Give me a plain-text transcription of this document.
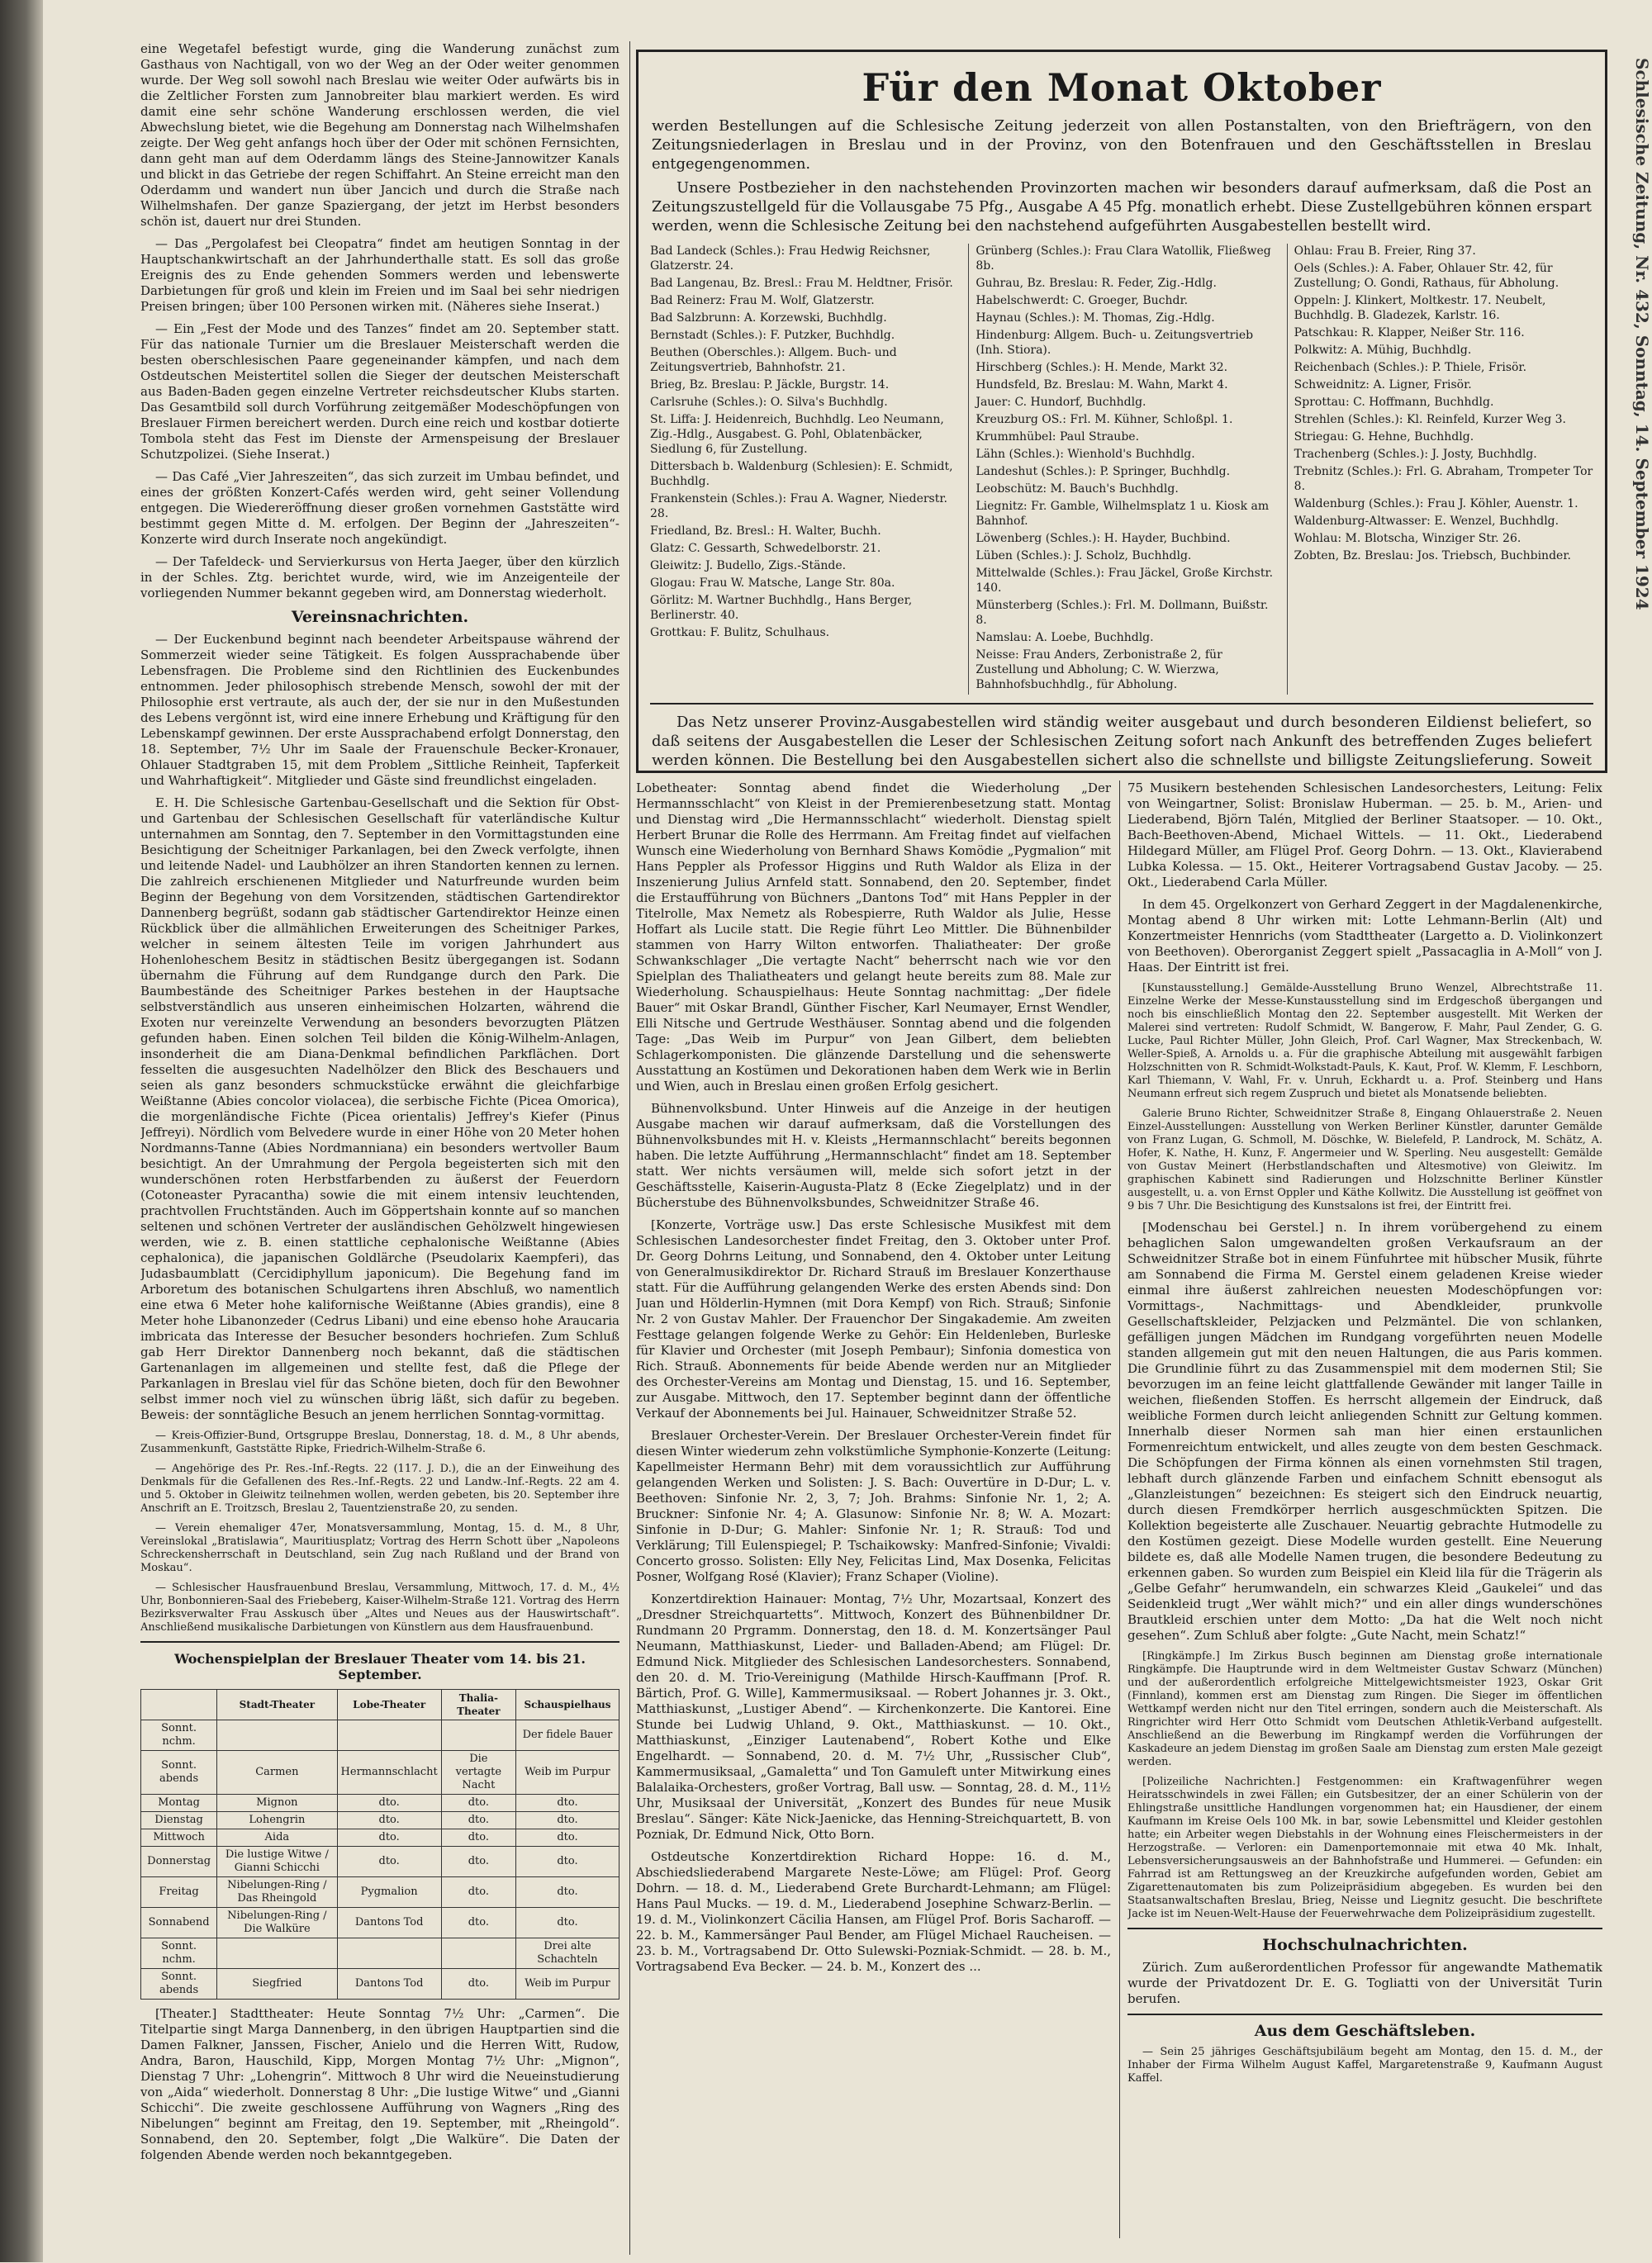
eine Wegetafel befestigt wurde, ging die Wanderung zunächst zum Gasthaus von Nachtigall, von wo der Weg an der Oder weiter genommen wurde. Der Weg soll sowohl nach Breslau wie weiter Oder aufwärts bis in die Zeltlicher Forsten zum Jannobreiter blau markiert werden. Es wird damit eine sehr schöne Wanderung erschlossen werden, die viel Abwechslung bietet, wie die Begehung am Donnerstag nach Wilhelmshafen zeigte. Der Weg geht anfangs hoch über der Oder mit schönen Fernsichten, dann geht man auf dem Oderdamm längs des Steine-Jannowitzer Kanals und blickt in das Getriebe der regen Schiffahrt. An Steine erreicht man den Oderdamm und wandert nun über Jancich und durch die Straße nach Wilhelmshafen. Der ganze Spaziergang, der jetzt im Herbst besonders schön ist, dauert nur drei Stunden.

— Das „Pergolafest bei Cleopatra“ findet am heutigen Sonntag in der Hauptschankwirtschaft an der Jahrhunderthalle statt. Es soll das große Ereignis des zu Ende gehenden Sommers werden und lebenswerte Darbietungen für groß und klein im Freien und im Saal bei sehr niedrigen Preisen bringen; über 100 Personen wirken mit. (Näheres siehe Inserat.)

— Ein „Fest der Mode und des Tanzes“ findet am 20. September statt. Für das nationale Turnier um die Breslauer Meisterschaft werden die besten oberschlesischen Paare gegeneinander kämpfen, und nach dem Ostdeutschen Meistertitel sollen die Sieger der deutschen Meisterschaft aus Baden-Baden gegen einzelne Vertreter reichsdeutscher Klubs starten. Das Gesamtbild soll durch Vorführung zeitgemäßer Modeschöpfungen von Breslauer Firmen bereichert werden. Durch eine reich und kostbar dotierte Tombola steht das Fest im Dienste der Armenspeisung der Breslauer Schutzpolizei. (Siehe Inserat.)

— Das Café „Vier Jahreszeiten“, das sich zurzeit im Umbau befindet, und eines der größten Konzert-Cafés werden wird, geht seiner Vollendung entgegen. Die Wiedereröffnung dieser großen vornehmen Gaststätte wird bestimmt gegen Mitte d. M. erfolgen. Der Beginn der „Jahreszeiten“-Konzerte wird durch Inserate noch angekündigt.

— Der Tafeldeck- und Servierkursus von Herta Jaeger, über den kürzlich in der Schles. Ztg. berichtet wurde, wird, wie im Anzeigenteile der vorliegenden Nummer bekannt gegeben wird, am Donnerstag wiederholt.

Vereinsnachrichten.

— Der Euckenbund beginnt nach beendeter Arbeitspause während der Sommerzeit wieder seine Tätigkeit. Es folgen Aussprachabende über Lebensfragen. Die Probleme sind den Richtlinien des Euckenbundes entnommen. Jeder philosophisch strebende Mensch, sowohl der mit der Philosophie erst vertraute, als auch der, der sie nur in den Mußestunden des Lebens vergönnt ist, wird eine innere Erhebung und Kräftigung für den Lebenskampf gewinnen. Der erste Aussprachabend erfolgt Donnerstag, den 18. September, 7½ Uhr im Saale der Frauenschule Becker-Kronauer, Ohlauer Stadtgraben 15, mit dem Problem „Sittliche Reinheit, Tapferkeit und Wahrhaftigkeit“. Mitglieder und Gäste sind freundlichst eingeladen.

E. H. Die Schlesische Gartenbau-Gesellschaft und die Sektion für Obst- und Gartenbau der Schlesischen Gesellschaft für vaterländische Kultur unternahmen am Sonntag, den 7. September in den Vormittagstunden eine Besichtigung der Scheitniger Parkanlagen, bei den Zweck verfolgte, ihnen und leitende Nadel- und Laubhölzer an ihren Standorten kennen zu lernen. Die zahlreich erschienenen Mitglieder und Naturfreunde wurden beim Beginn der Begehung von dem Vorsitzenden, städtischen Gartendirektor Dannenberg begrüßt, sodann gab städtischer Gartendirektor Heinze einen Rückblick über die allmählichen Erweiterungen des Scheitniger Parkes, welcher in seinem ältesten Teile im vorigen Jahrhundert aus Hohenloheschem Besitz in städtischen Besitz übergegangen ist. Sodann übernahm die Führung auf dem Rundgange durch den Park. Die Baumbestände des Scheitniger Parkes bestehen in der Hauptsache selbstverständlich aus unseren einheimischen Holzarten, während die Exoten nur vereinzelte Verwendung an besonders bevorzugten Plätzen gefunden haben. Einen solchen Teil bilden die König-Wilhelm-Anlagen, insonderheit die am Diana-Denkmal befindlichen Parkflächen. Dort fesselten die ausgesuchten Nadelhölzer den Blick des Beschauers und seien als ganz besonders schmuckstücke erwähnt die gleichfarbige Weißtanne (Abies concolor violacea), die serbische Fichte (Picea Omorica), die morgenländische Fichte (Picea orientalis) Jeffrey's Kiefer (Pinus Jeffreyi). Nördlich vom Belvedere wurde in einer Höhe von 20 Meter hohen Nordmanns-Tanne (Abies Nordmanniana) ein besonders wertvoller Baum besichtigt. An der Umrahmung der Pergola begeisterten sich mit den wunderschönen roten Herbstfarbenden zu äußerst der Feuerdorn (Cotoneaster Pyracantha) sowie die mit einem intensiv leuchtenden, prachtvollen Fruchtständen. Auch im Göppertshain konnte auf so manchen seltenen und schönen Vertreter der ausländischen Gehölzwelt hingewiesen werden, wie z. B. einen stattliche cephalonische Weißtanne (Abies cephalonica), die japanischen Goldlärche (Pseudolarix Kaempferi), das Judasbaumblatt (Cercidiphyllum japonicum). Die Begehung fand im Arboretum des botanischen Schulgartens ihren Abschluß, wo namentlich eine etwa 6 Meter hohe kalifornische Weißtanne (Abies grandis), eine 8 Meter hohe Libanonzeder (Cedrus Libani) und eine ebenso hohe Araucaria imbricata das Interesse der Besucher besonders hochriefen. Zum Schluß gab Herr Direktor Dannenberg noch bekannt, daß die städtischen Gartenanlagen im allgemeinen und stellte fest, daß die Pflege der Parkanlagen in Breslau viel für das Schöne bieten, doch für den Bewohner selbst immer noch viel zu wünschen übrig läßt, sich dafür zu begeben. Beweis: der sonntägliche Besuch an jenem herrlichen Sonntag-vormittag.

— Kreis-Offizier-Bund, Ortsgruppe Breslau, Donnerstag, 18. d. M., 8 Uhr abends, Zusammenkunft, Gaststätte Ripke, Friedrich-Wilhelm-Straße 6.

— Angehörige des Pr. Res.-Inf.-Regts. 22 (117. J. D.), die an der Einweihung des Denkmals für die Gefallenen des Res.-Inf.-Regts. 22 und Landw.-Inf.-Regts. 22 am 4. und 5. Oktober in Gleiwitz teilnehmen wollen, werden gebeten, bis 20. September ihre Anschrift an E. Troitzsch, Breslau 2, Tauentzienstraße 20, zu senden.

— Verein ehemaliger 47er, Monatsversammlung, Montag, 15. d. M., 8 Uhr, Vereinslokal „Bratislawia“, Mauritiusplatz; Vortrag des Herrn Schott über „Napoleons Schreckensherrschaft in Deutschland, sein Zug nach Rußland und der Brand von Moskau“.

— Schlesischer Hausfrauenbund Breslau, Versammlung, Mittwoch, 17. d. M., 4½ Uhr, Bonbonnieren-Saal des Friebeberg, Kaiser-Wilhelm-Straße 121. Vortrag des Herrn Bezirksverwalter Frau Asskusch über „Altes und Neues aus der Hauswirtschaft“. Anschließend musikalische Darbietungen von Künstlern aus dem Hausfrauenbund.

Wochenspielplan der Breslauer Theater vom 14. bis 21. September.
	Stadt-Theater	Lobe-Theater	Thalia-Theater	Schauspielhaus
Sonnt. nchm.				Der fidele Bauer
Sonnt. abends	Carmen	Hermannschlacht	Die vertagte Nacht	Weib im Purpur
Montag	Mignon	dto.	dto.	dto.
Dienstag	Lohengrin	dto.	dto.	dto.
Mittwoch	Aida	dto.	dto.	dto.
Donnerstag	Die lustige Witwe / Gianni Schicchi	dto.	dto.	dto.
Freitag	Nibelungen-Ring / Das Rheingold	Pygmalion	dto.	dto.
Sonnabend	Nibelungen-Ring / Die Walküre	Dantons Tod	dto.	dto.
Sonnt. nchm.				Drei alte Schachteln
Sonnt. abends	Siegfried	Dantons Tod	dto.	Weib im Purpur

[Theater.] Stadttheater: Heute Sonntag 7½ Uhr: „Carmen“. Die Titelpartie singt Marga Dannenberg, in den übrigen Hauptpartien sind die Damen Falkner, Janssen, Fischer, Anielo und die Herren Witt, Rudow, Andra, Baron, Hauschild, Kipp, Morgen Montag 7½ Uhr: „Mignon“, Dienstag 7 Uhr: „Lohengrin“. Mittwoch 8 Uhr wird die Neueinstudierung von „Aida“ wiederholt. Donnerstag 8 Uhr: „Die lustige Witwe“ und „Gianni Schicchi“. Die zweite geschlossene Aufführung von Wagners „Ring des Nibelungen“ beginnt am Freitag, den 19. September, mit „Rheingold“. Sonnabend, den 20. September, folgt „Die Walküre“. Die Daten der folgenden Abende werden noch bekanntgegeben.

Für den Monat Oktober

werden Bestellungen auf die Schlesische Zeitung jederzeit von allen Postanstalten, von den Briefträgern, von den Zeitungsniederlagen in Breslau und in der Provinz, von den Botenfrauen und den Geschäftsstellen in Breslau entgegengenommen.

Unsere Postbezieher in den nachstehenden Provinzorten machen wir besonders darauf aufmerksam, daß die Post an Zeitungszustellgeld für die Vollausgabe 75 Pfg., Ausgabe A 45 Pfg. monatlich erhebt. Diese Zustellgebühren können erspart werden, wenn die Schlesische Zeitung bei den nachstehend aufgeführten Ausgabestellen bestellt wird.

Bad Landeck (Schles.): Frau Hedwig Reichsner, Glatzerstr. 24.
Bad Langenau, Bz. Bresl.: Frau M. Heldtner, Frisör.
Bad Reinerz: Frau M. Wolf, Glatzerstr.
Bad Salzbrunn: A. Korzewski, Buchhdlg.
Bernstadt (Schles.): F. Putzker, Buchhdlg.
Beuthen (Oberschles.): Allgem. Buch- und Zeitungsvertrieb, Bahnhofstr. 21.
Brieg, Bz. Breslau: P. Jäckle, Burgstr. 14.
Carlsruhe (Schles.): O. Silva's Buchhdlg.
St. Liffa: J. Heidenreich, Buchhdlg. Leo Neumann, Zig.-Hdlg., Ausgabest. G. Pohl, Oblatenbäcker, Siedlung 6, für Zustellung.
Dittersbach b. Waldenburg (Schlesien): E. Schmidt, Buchhdlg.
Frankenstein (Schles.): Frau A. Wagner, Niederstr. 28.
Friedland, Bz. Bresl.: H. Walter, Buchh.
Glatz: C. Gessarth, Schwedelborstr. 21.
Gleiwitz: J. Budello, Zigs.-Stände.
Glogau: Frau W. Matsche, Lange Str. 80a.
Görlitz: M. Wartner Buchhdlg., Hans Berger, Berlinerstr. 40.
Grottkau: F. Bulitz, Schulhaus.
Grünberg (Schles.): Frau Clara Watollik, Fließweg 8b.
Guhrau, Bz. Breslau: R. Feder, Zig.-Hdlg.
Habelschwerdt: C. Groeger, Buchdr.
Haynau (Schles.): M. Thomas, Zig.-Hdlg.
Hindenburg: Allgem. Buch- u. Zeitungsvertrieb (Inh. Stiora).
Hirschberg (Schles.): H. Mende, Markt 32.
Hundsfeld, Bz. Breslau: M. Wahn, Markt 4.
Jauer: C. Hundorf, Buchhdlg.
Kreuzburg OS.: Frl. M. Kühner, Schloßpl. 1.
Krummhübel: Paul Straube.
Lähn (Schles.): Wienhold's Buchhdlg.
Landeshut (Schles.): P. Springer, Buchhdlg.
Leobschütz: M. Bauch's Buchhdlg.
Liegnitz: Fr. Gamble, Wilhelmsplatz 1 u. Kiosk am Bahnhof.
Löwenberg (Schles.): H. Hayder, Buchbind.
Lüben (Schles.): J. Scholz, Buchhdlg.
Mittelwalde (Schles.): Frau Jäckel, Große Kirchstr. 140.
Münsterberg (Schles.): Frl. M. Dollmann, Buißstr. 8.
Namslau: A. Loebe, Buchhdlg.
Neisse: Frau Anders, Zerbonistraße 2, für Zustellung und Abholung; C. W. Wierzwa, Bahnhofsbuchhdlg., für Abholung.
Ohlau: Frau B. Freier, Ring 37.
Oels (Schles.): A. Faber, Ohlauer Str. 42, für Zustellung; O. Gondi, Rathaus, für Abholung.
Oppeln: J. Klinkert, Moltkestr. 17. Neubelt, Buchhdlg. B. Gladezek, Karlstr. 16.
Patschkau: R. Klapper, Neißer Str. 116.
Polkwitz: A. Mühig, Buchhdlg.
Reichenbach (Schles.): P. Thiele, Frisör.
Schweidnitz: A. Ligner, Frisör.
Sprottau: C. Hoffmann, Buchhdlg.
Strehlen (Schles.): Kl. Reinfeld, Kurzer Weg 3.
Striegau: G. Hehne, Buchhdlg.
Trachenberg (Schles.): J. Josty, Buchhdlg.
Trebnitz (Schles.): Frl. G. Abraham, Trompeter Tor 8.
Waldenburg (Schles.): Frau J. Köhler, Auenstr. 1.
Waldenburg-Altwasser: E. Wenzel, Buchhdlg.
Wohlau: M. Blotscha, Winziger Str. 26.
Zobten, Bz. Breslau: Jos. Triebsch, Buchbinder.

Das Netz unserer Provinz-Ausgabestellen wird ständig weiter ausgebaut und durch besonderen Eildienst beliefert, so daß seitens der Ausgabestellen die Leser der Schlesischen Zeitung sofort nach Ankunft des betreffenden Zuges beliefert werden können. Die Bestellung bei den Ausgabestellen sichert also die schnellste und billigste Zeitungslieferung. Soweit

Lobetheater: Sonntag abend findet die Wiederholung „Der Hermannsschlacht“ von Kleist in der Premierenbesetzung statt. Montag und Dienstag wird „Die Hermannsschlacht“ wiederholt. Dienstag spielt Herbert Brunar die Rolle des Herrmann. Am Freitag findet auf vielfachen Wunsch eine Wiederholung von Bernhard Shaws Komödie „Pygmalion“ mit Hans Peppler als Professor Higgins und Ruth Waldor als Eliza in der Inszenierung Julius Arnfeld statt. Sonnabend, den 20. September, findet die Erstaufführung von Büchners „Dantons Tod“ mit Hans Peppler in der Titelrolle, Max Nemetz als Robespierre, Ruth Waldor als Julie, Hesse Hoffart als Lucile statt. Die Regie führt Leo Mittler. Die Bühnenbilder stammen von Harry Wilton entworfen. Thaliatheater: Der große Schwankschlager „Die vertagte Nacht“ beherrscht nach wie vor den Spielplan des Thaliatheaters und gelangt heute bereits zum 88. Male zur Wiederholung. Schauspielhaus: Heute Sonntag nachmittag: „Der fidele Bauer“ mit Oskar Brandl, Günther Fischer, Karl Neumayer, Ernst Wendler, Elli Nitsche und Gertrude Westhäuser. Sonntag abend und die folgenden Tage: „Das Weib im Purpur“ von Jean Gilbert, dem beliebten Schlagerkomponisten. Die glänzende Darstellung und die sehenswerte Ausstattung an Kostümen und Dekorationen haben dem Werk wie in Berlin und Wien, auch in Breslau einen großen Erfolg gesichert.

Bühnenvolksbund. Unter Hinweis auf die Anzeige in der heutigen Ausgabe machen wir darauf aufmerksam, daß die Vorstellungen des Bühnenvolksbundes mit H. v. Kleists „Hermannschlacht“ bereits begonnen haben. Die letzte Aufführung „Hermannschlacht“ findet am 18. September statt. Wer nichts versäumen will, melde sich sofort jetzt in der Geschäftsstelle, Kaiserin-Augusta-Platz 8 (Ecke Ziegelplatz) und in der Bücherstube des Bühnenvolksbundes, Schweidnitzer Straße 46.

[Konzerte, Vorträge usw.] Das erste Schlesische Musikfest mit dem Schlesischen Landesorchester findet Freitag, den 3. Oktober unter Prof. Dr. Georg Dohrns Leitung, und Sonnabend, den 4. Oktober unter Leitung von Generalmusikdirektor Dr. Richard Strauß im Breslauer Konzerthause statt. Für die Aufführung gelangenden Werke des ersten Abends sind: Don Juan und Hölderlin-Hymnen (mit Dora Kempf) von Rich. Strauß; Sinfonie Nr. 2 von Gustav Mahler. Der Frauenchor Der Singakademie. Am zweiten Festtage gelangen folgende Werke zu Gehör: Ein Heldenleben, Burleske für Klavier und Orchester (mit Joseph Pembaur); Sinfonia domestica von Rich. Strauß. Abonnements für beide Abende werden nur an Mitglieder des Orchester-Vereins am Montag und Dienstag, 15. und 16. September, zur Ausgabe. Mittwoch, den 17. September beginnt dann der öffentliche Verkauf der Abonnements bei Jul. Hainauer, Schweidnitzer Straße 52.

Breslauer Orchester-Verein. Der Breslauer Orchester-Verein findet für diesen Winter wiederum zehn volkstümliche Symphonie-Konzerte (Leitung: Kapellmeister Hermann Behr) mit dem voraussichtlich zur Aufführung gelangenden Werken und Solisten: J. S. Bach: Ouvertüre in D-Dur; L. v. Beethoven: Sinfonie Nr. 2, 3, 7; Joh. Brahms: Sinfonie Nr. 1, 2; A. Bruckner: Sinfonie Nr. 4; A. Glasunow: Sinfonie Nr. 8; W. A. Mozart: Sinfonie in D-Dur; G. Mahler: Sinfonie Nr. 1; R. Strauß: Tod und Verklärung; Till Eulenspiegel; P. Tschaikowsky: Manfred-Sinfonie; Vivaldi: Concerto grosso. Solisten: Elly Ney, Felicitas Lind, Max Dosenka, Felicitas Posner, Wolfgang Rosé (Klavier); Franz Schaper (Violine).

Konzertdirektion Hainauer: Montag, 7½ Uhr, Mozartsaal, Konzert des „Dresdner Streichquartetts“. Mittwoch, Konzert des Bühnenbildner Dr. Rundmann 20 Prgramm. Donnerstag, den 18. d. M. Konzertsänger Paul Neumann, Matthiaskunst, Lieder- und Balladen-Abend; am Flügel: Dr. Edmund Nick. Mitglieder des Schlesischen Landesorchesters. Sonnabend, den 20. d. M. Trio-Vereinigung (Mathilde Hirsch-Kauffmann [Prof. R. Bärtich, Prof. G. Wille], Kammermusiksaal. — Robert Johannes jr. 3. Okt., Matthiaskunst, „Lustiger Abend“. — Kirchenkonzerte. Die Kantorei. Eine Stunde bei Ludwig Uhland, 9. Okt., Matthiaskunst. — 10. Okt., Matthiaskunst, „Einziger Lautenabend“, Robert Kothe und Elke Engelhardt. — Sonnabend, 20. d. M. 7½ Uhr, „Russischer Club“, Kammermusiksaal, „Gamaletta“ und Ton Gamuleft unter Mitwirkung eines Balalaika-Orchesters, großer Vortrag, Ball usw. — Sonntag, 28. d. M., 11½ Uhr, Musiksaal der Universität, „Konzert des Bundes für neue Musik Breslau“. Sänger: Käte Nick-Jaenicke, das Henning-Streichquartett, B. von Pozniak, Dr. Edmund Nick, Otto Born.

Ostdeutsche Konzertdirektion Richard Hoppe: 16. d. M., Abschiedsliederabend Margarete Neste-Löwe; am Flügel: Prof. Georg Dohrn. — 18. d. M., Liederabend Grete Burchardt-Lehmann; am Flügel: Hans Paul Mucks. — 19. d. M., Liederabend Josephine Schwarz-Berlin. — 19. d. M., Violinkonzert Cäcilia Hansen, am Flügel Prof. Boris Sacharoff. — 22. b. M., Kammersänger Paul Bender, am Flügel Michael Raucheisen. — 23. b. M., Vortragsabend Dr. Otto Sulewski-Pozniak-Schmidt. — 28. b. M., Vortragsabend Eva Becker. — 24. b. M., Konzert des ...

75 Musikern bestehenden Schlesischen Landesorchesters, Leitung: Felix von Weingartner, Solist: Bronislaw Huberman. — 25. b. M., Arien- und Liederabend, Björn Talén, Mitglied der Berliner Staatsoper. — 10. Okt., Bach-Beethoven-Abend, Michael Wittels. — 11. Okt., Liederabend Hildegard Müller, am Flügel Prof. Georg Dohrn. — 13. Okt., Klavierabend Lubka Kolessa. — 15. Okt., Heiterer Vortragsabend Gustav Jacoby. — 25. Okt., Liederabend Carla Müller.

In dem 45. Orgelkonzert von Gerhard Zeggert in der Magdalenenkirche, Montag abend 8 Uhr wirken mit: Lotte Lehmann-Berlin (Alt) und Konzertmeister Hennrichs (vom Stadttheater (Largetto a. D. Violinkonzert von Beethoven). Oberorganist Zeggert spielt „Passacaglia in A-Moll“ von J. Haas. Der Eintritt ist frei.

[Kunstausstellung.] Gemälde-Ausstellung Bruno Wenzel, Albrechtstraße 11. Einzelne Werke der Messe-Kunstausstellung sind im Erdgeschoß übergangen und noch bis einschließlich Montag den 22. September ausgestellt. Mit Werken der Malerei sind vertreten: Rudolf Schmidt, W. Bangerow, F. Mahr, Paul Zender, G. G. Lucke, Paul Richter Müller, John Gleich, Prof. Carl Wagner, Max Streckenbach, W. Weller-Spieß, A. Arnolds u. a. Für die graphische Abteilung mit ausgewählt farbigen Holzschnitten von R. Schmidt-Wolkstadt-Pauls, K. Kaut, Prof. W. Klemm, F. Leschborn, Karl Thiemann, V. Wahl, Fr. v. Unruh, Eckhardt u. a. Prof. Steinberg und Hans Neumann erfreut sich regem Zuspruch und bietet als Monatsende beliebten.

Galerie Bruno Richter, Schweidnitzer Straße 8, Eingang Ohlauerstraße 2. Neuen Einzel-Ausstellungen: Ausstellung von Werken Berliner Künstler, darunter Gemälde von Franz Lugan, G. Schmoll, M. Döschke, W. Bielefeld, P. Landrock, M. Schätz, A. Hofer, K. Nathe, H. Kunz, F. Angermeier und W. Sperling. Neu ausgestellt: Gemälde von Gustav Meinert (Herbstlandschaften und Altesmotive) von Gleiwitz. Im graphischen Kabinett sind Radierungen und Holzschnitte Berliner Künstler ausgestellt, u. a. von Ernst Oppler und Käthe Kollwitz. Die Ausstellung ist geöffnet von 9 bis 7 Uhr. Die Besichtigung des Kunstsalons ist frei, der Eintritt frei.

[Modenschau bei Gerstel.] n. In ihrem vorübergehend zu einem behaglichen Salon umgewandelten großen Verkaufsraum an der Schweidnitzer Straße bot in einem Fünfuhrtee mit hübscher Musik, führte am Sonnabend die Firma M. Gerstel einem geladenen Kreise wieder einmal ihre äußerst zahlreichen neuesten Modeschöpfungen vor: Vormittags-, Nachmittags- und Abendkleider, prunkvolle Gesellschaftskleider, Pelzjacken und Pelzmäntel. Die von schlanken, gefälligen jungen Mädchen im Rundgang vorgeführten neuen Modelle standen allgemein gut mit den neuen Haltungen, die aus Paris kommen. Die Grundlinie führt zu das Zusammenspiel mit dem modernen Stil; Sie bevorzugen im an feine leicht glattfallende Gewänder mit langer Taille in weichen, fließenden Stoffen. Es herrscht allgemein der Eindruck, daß weibliche Formen durch leicht anliegenden Schnitt zur Geltung kommen. Innerhalb dieser Normen sah man hier einen erstaunlichen Formenreichtum entwickelt, und alles zeugte von dem besten Geschmack. Die Schöpfungen der Firma können als einen vornehmsten Stil tragen, lebhaft durch glänzende Farben und einfachem Schnitt ebensogut als „Glanzleistungen“ bezeichnen: Es steigert sich den Eindruck neuartig, durch diesen Fremdkörper herrlich ausgeschmückten Spitzen. Die Kollektion begeisterte alle Zuschauer. Neuartig gebrachte Hutmodelle zu den Kostümen gezeigt. Diese Modelle wurden gestellt. Eine Neuerung bildete es, daß alle Modelle Namen trugen, die besondere Bedeutung zu erkennen gaben. So wurden zum Beispiel ein Kleid lila für die Trägerin als „Gelbe Gefahr“ herumwandeln, ein schwarzes Kleid „Gaukelei“ und das Seidenkleid trugt „Wer wählt mich?“ und ein aller dings wunderschönes Brautkleid erschien unter dem Motto: „Da hat die Welt noch nicht gesehen“. Zum Schluß aber folgte: „Gute Nacht, mein Schatz!“

[Ringkämpfe.] Im Zirkus Busch beginnen am Dienstag große internationale Ringkämpfe. Die Hauptrunde wird in dem Weltmeister Gustav Schwarz (München) und der außerordentlich erfolgreiche Mittelgewichtsmeister 1923, Oskar Grit (Finnland), kommen erst am Dienstag zum Ringen. Die Sieger im öffentlichen Wettkampf werden nicht nur den Titel erringen, sondern auch die Meisterschaft. Als Ringrichter wird Herr Otto Schmidt vom Deutschen Athletik-Verband aufgestellt. Anschließend an die Bewerbung im Ringkampf werden die Vorführungen der Kaskadeure an jedem Dienstag im großen Saale am Dienstag zum ersten Male gezeigt werden.

[Polizeiliche Nachrichten.] Festgenommen: ein Kraftwagenführer wegen Heiratsschwindels in zwei Fällen; ein Gutsbesitzer, der an einer Schülerin von der Ehlingstraße unsittliche Handlungen vorgenommen hat; ein Hausdiener, der einem Kaufmann im Kreise Oels 100 Mk. in bar, sowie Lebensmittel und Kleider gestohlen hatte; ein Arbeiter wegen Diebstahls in der Wohnung eines Fleischermeisters in der Herzogstraße. — Verloren: ein Damenportemonnaie mit etwa 40 Mk. Inhalt, Lebensversicherungsausweis an der Bahnhofstraße und Hummerei. — Gefunden: ein Fahrrad ist am Rettungsweg an der Kreuzkirche aufgefunden worden, Gebiet am Zigarettenautomaten bis zum Polizeipräsidium abgegeben. Es wurden bei den Staatsanwaltschaften Breslau, Brieg, Neisse und Liegnitz gesucht. Die beschriftete Jacke ist im Neuen-Welt-Hause der Feuerwehrwache dem Polizeipräsidium zugestellt.

Hochschulnachrichten.

Zürich. Zum außerordentlichen Professor für angewandte Mathematik wurde der Privatdozent Dr. E. G. Togliatti von der Universität Turin berufen.

Aus dem Geschäftsleben.

— Sein 25 jähriges Geschäftsjubiläum begeht am Montag, den 15. d. M., der Inhaber der Firma Wilhelm August Kaffel, Margaretenstraße 9, Kaufmann August Kaffel.

Schlesische Zeitung, Nr. 432, Sonntag, 14. September 1924
